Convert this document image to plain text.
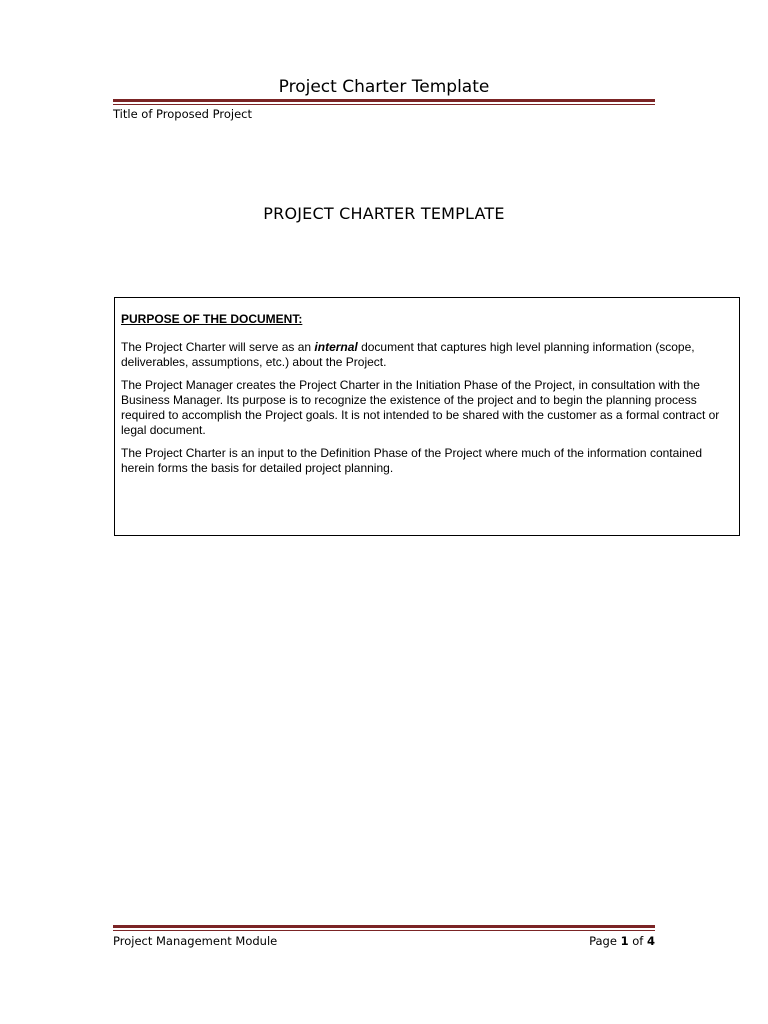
Project Charter Template
Title of Proposed Project
PROJECT CHARTER TEMPLATE
PURPOSE OF THE DOCUMENT:

The Project Charter will serve as an internal document that captures high level planning information (scope, deliverables, assumptions, etc.) about the Project.

The Project Manager creates the Project Charter in the Initiation Phase of the Project, in consultation with the Business Manager. Its purpose is to recognize the existence of the project and to begin the planning process required to accomplish the Project goals. It is not intended to be shared with the customer as a formal contract or legal document.

The Project Charter is an input to the Definition Phase of the Project where much of the information contained herein forms the basis for detailed project planning.

Project Management Module	Page 1 of 4
